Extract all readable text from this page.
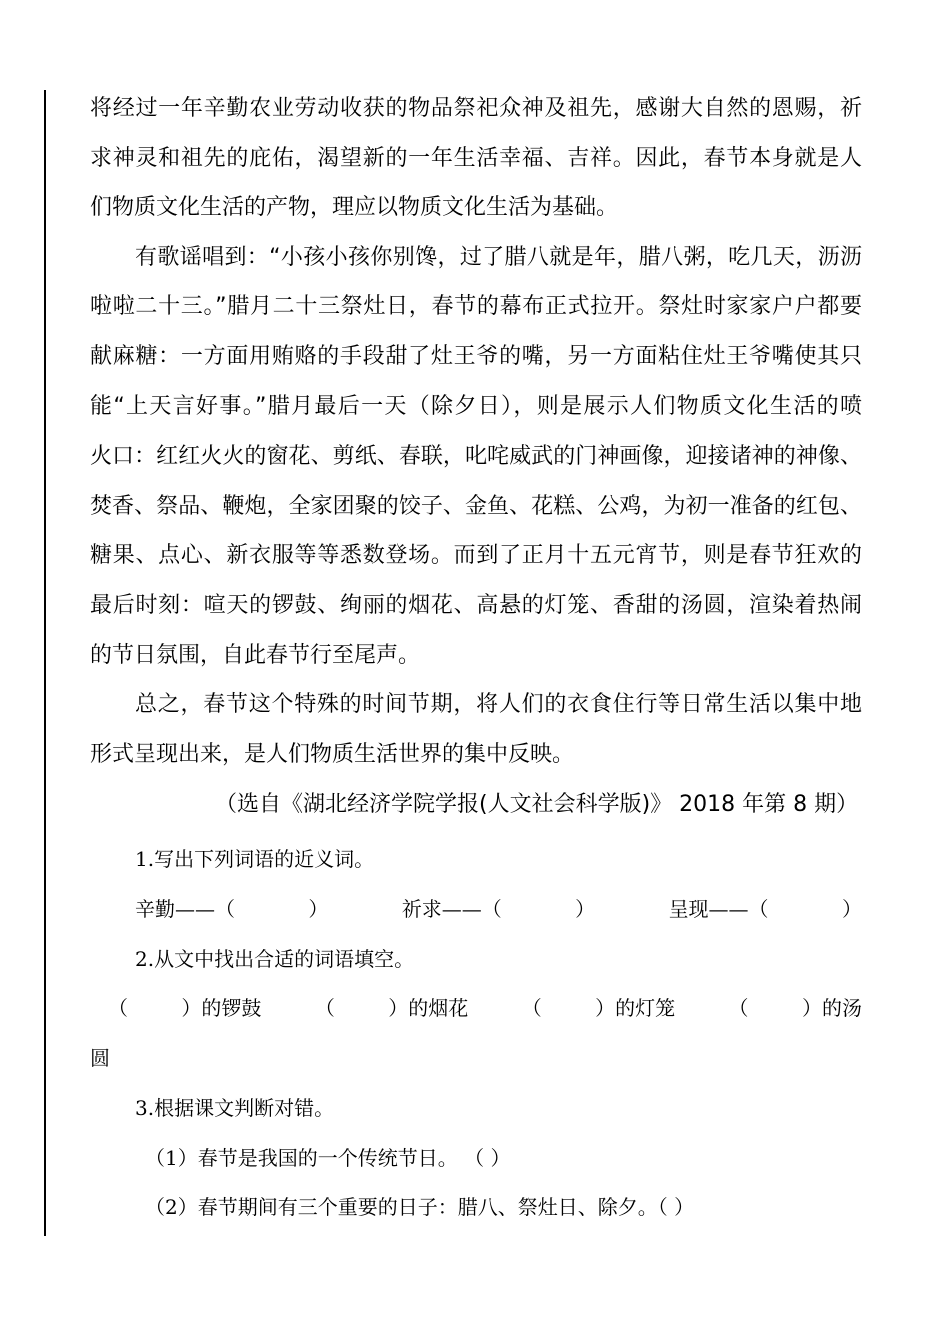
将经过一年辛勤农业劳动收获的物品祭祀众神及祖先，感谢大自然的恩赐，祈
求神灵和祖先的庇佑，渴望新的一年生活幸福、吉祥。因此，春节本身就是人
们物质文化生活的产物，理应以物质文化生活为基础。
有歌谣唱到：“小孩小孩你别馋，过了腊八就是年，腊八粥，吃几天，沥沥
啦啦二十三。”腊月二十三祭灶日，春节的幕布正式拉开。祭灶时家家户户都要
献麻糖：一方面用贿赂的手段甜了灶王爷的嘴，另一方面粘住灶王爷嘴使其只
能“上天言好事。”腊月最后一天（除夕日），则是展示人们物质文化生活的喷
火口：红红火火的窗花、剪纸、春联，叱咤威武的门神画像，迎接诸神的神像、
焚香、祭品、鞭炮，全家团聚的饺子、金鱼、花糕、公鸡，为初一准备的红包、
糖果、点心、新衣服等等悉数登场。而到了正月十五元宵节，则是春节狂欢的
最后时刻：喧天的锣鼓、绚丽的烟花、高悬的灯笼、香甜的汤圆，渲染着热闹
的节日氛围，自此春节行至尾声。
总之，春节这个特殊的时间节期，将人们的衣食住行等日常生活以集中地
形式呈现出来，是人们物质生活世界的集中反映。
（选自《湖北经济学院学报(人文社会科学版)》 2018 年第 8 期）
1.写出下列词语的近义词。
辛勤——（	）	祈求——（	）	呈现——（	）
2.从文中找出合适的词语填空。
（	）的锣鼓	（	）的烟花	（	）的灯笼	（	）的汤
圆
3.根据课文判断对错。
（1）春节是我国的一个传统节日。 （ ）
（2）春节期间有三个重要的日子：腊八、祭灶日、除夕。（ ）
